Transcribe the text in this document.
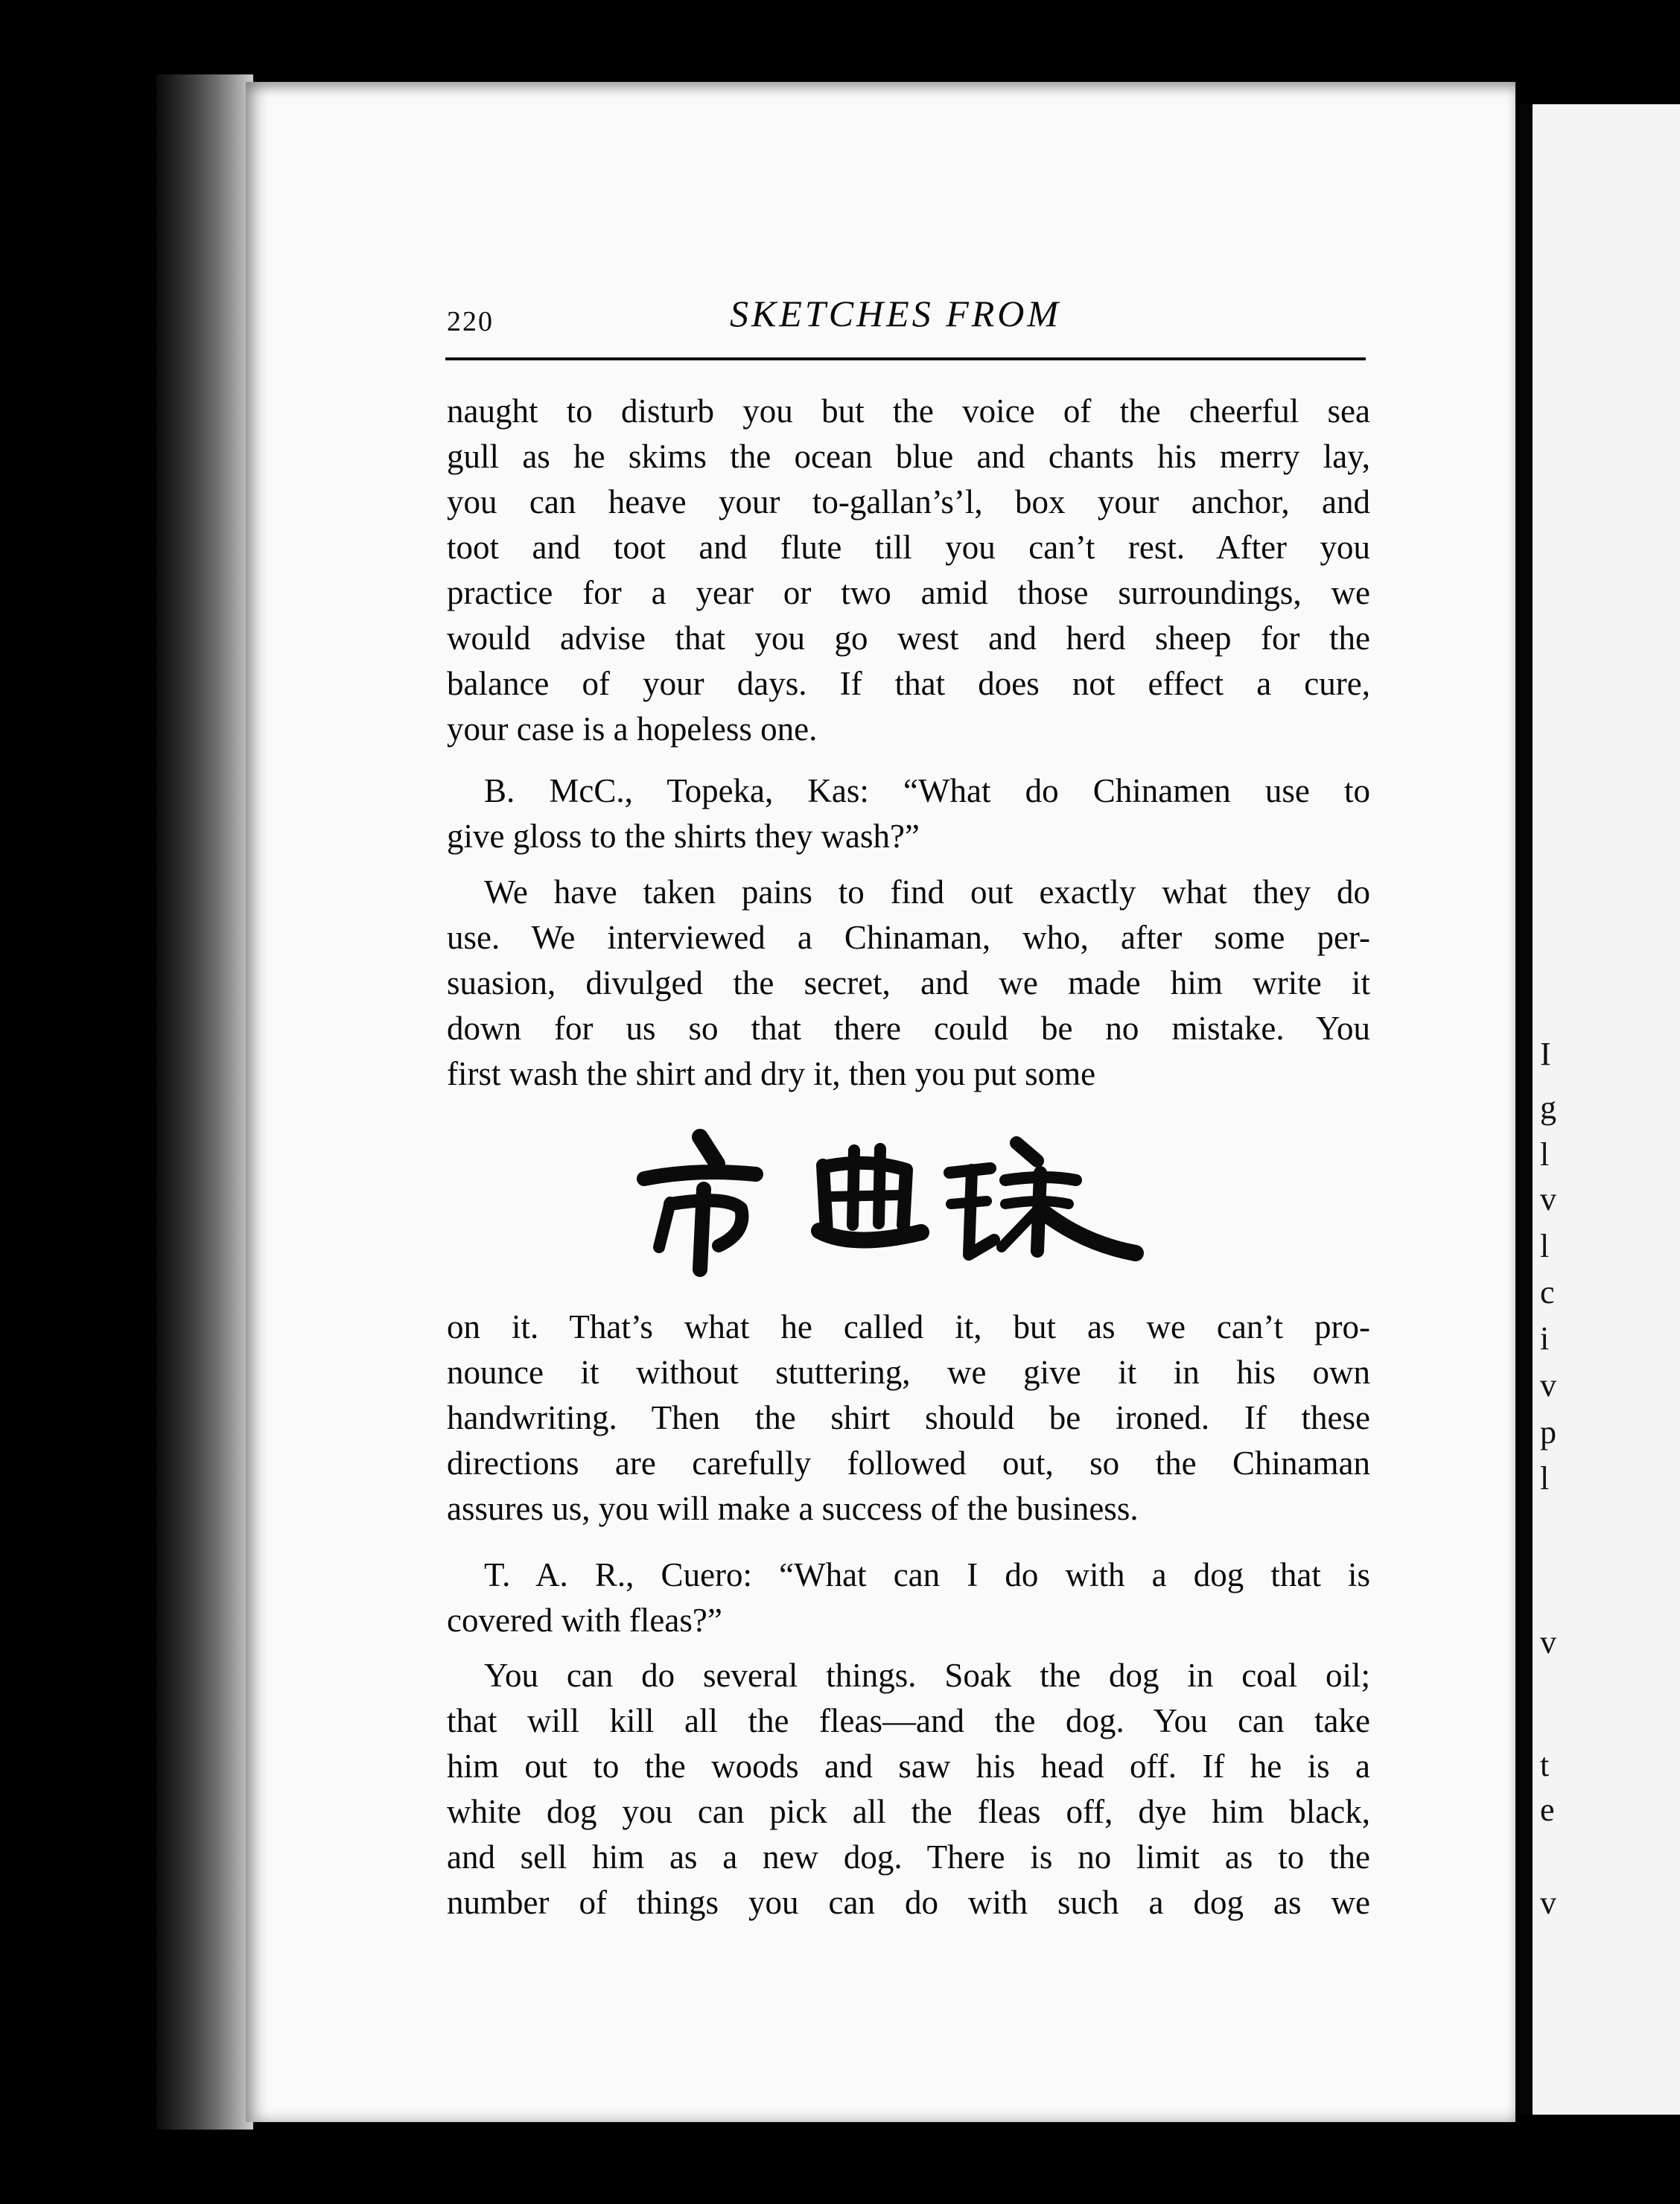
I
g
l
v
l
c
i
v
p
l
v
t
e
v
220	SKETCHES FROM
naught to disturb you but the voice of the cheerful sea
gull as he skims the ocean blue and chants his merry lay,
you can heave your to-gallan’s’l, box your anchor, and
toot and toot and flute till you can’t rest. After you
practice for a year or two amid those surroundings, we
would advise that you go west and herd sheep for the
balance of your days. If that does not effect a cure,
your case is a hopeless one.
B. McC., Topeka, Kas: “What do Chinamen use to
give gloss to the shirts they wash?”
We have taken pains to find out exactly what they do
use. We interviewed a Chinaman, who, after some per-
suasion, divulged the secret, and we made him write it
down for us so that there could be no mistake. You
first wash the shirt and dry it, then you put some
on it. That’s what he called it, but as we can’t pro-
nounce it without stuttering, we give it in his own
handwriting. Then the shirt should be ironed. If these
directions are carefully followed out, so the Chinaman
assures us, you will make a success of the business.
T. A. R., Cuero: “What can I do with a dog that is
covered with fleas?”
You can do several things. Soak the dog in coal oil;
that will kill all the fleas—and the dog. You can take
him out to the woods and saw his head off. If he is a
white dog you can pick all the fleas off, dye him black,
and sell him as a new dog. There is no limit as to the
number of things you can do with such a dog as we
